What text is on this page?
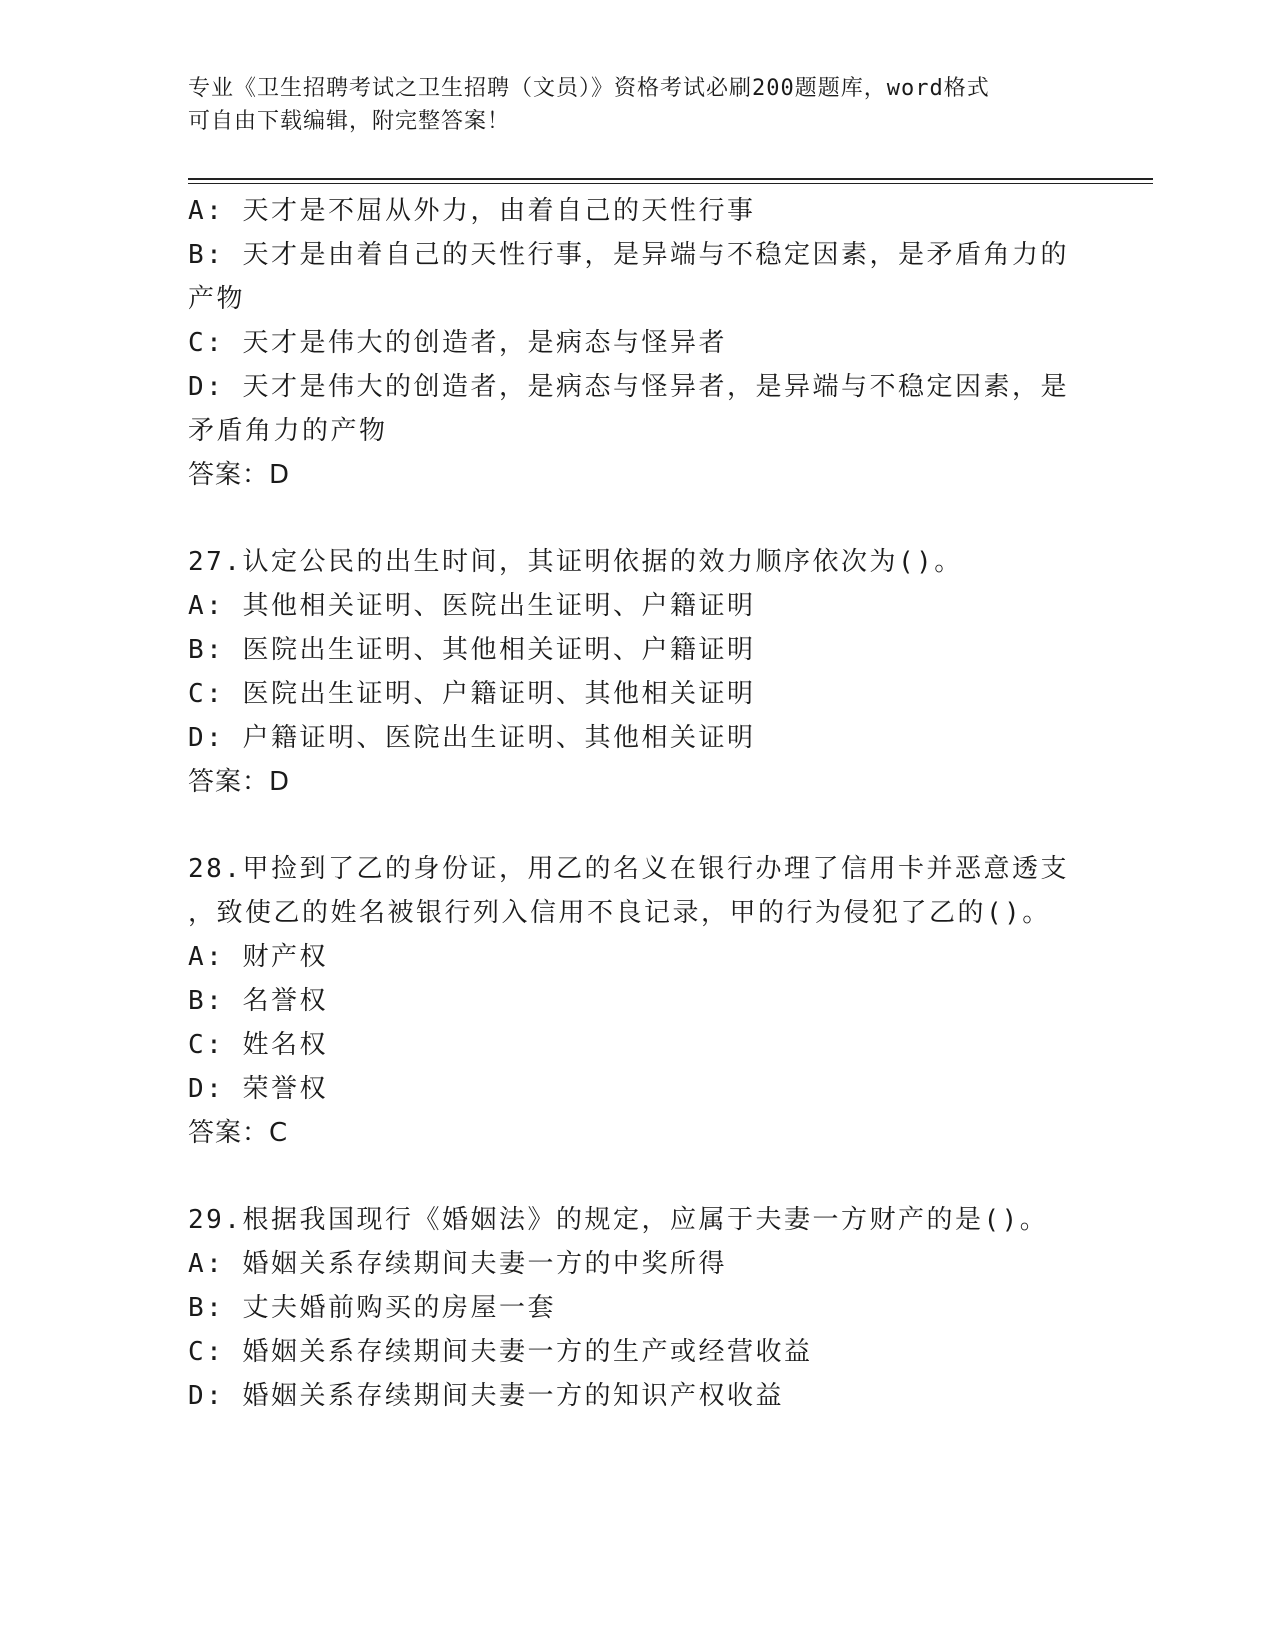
专业《卫生招聘考试之卫生招聘（文员）》资格考试必刷200题题库，word格式
可自由下载编辑，附完整答案！
A: 天才是不屈从外力，由着自己的天性行事
B: 天才是由着自己的天性行事，是异端与不稳定因素，是矛盾角力的
产物
C: 天才是伟大的创造者，是病态与怪异者
D: 天才是伟大的创造者，是病态与怪异者，是异端与不稳定因素，是
矛盾角力的产物
答案：D
27.认定公民的出生时间，其证明依据的效力顺序依次为()。
A: 其他相关证明、医院出生证明、户籍证明
B: 医院出生证明、其他相关证明、户籍证明
C: 医院出生证明、户籍证明、其他相关证明
D: 户籍证明、医院出生证明、其他相关证明
答案：D
28.甲捡到了乙的身份证，用乙的名义在银行办理了信用卡并恶意透支
，致使乙的姓名被银行列入信用不良记录，甲的行为侵犯了乙的()。
A: 财产权
B: 名誉权
C: 姓名权
D: 荣誉权
答案：C
29.根据我国现行《婚姻法》的规定，应属于夫妻一方财产的是()。
A: 婚姻关系存续期间夫妻一方的中奖所得
B: 丈夫婚前购买的房屋一套
C: 婚姻关系存续期间夫妻一方的生产或经营收益
D: 婚姻关系存续期间夫妻一方的知识产权收益
